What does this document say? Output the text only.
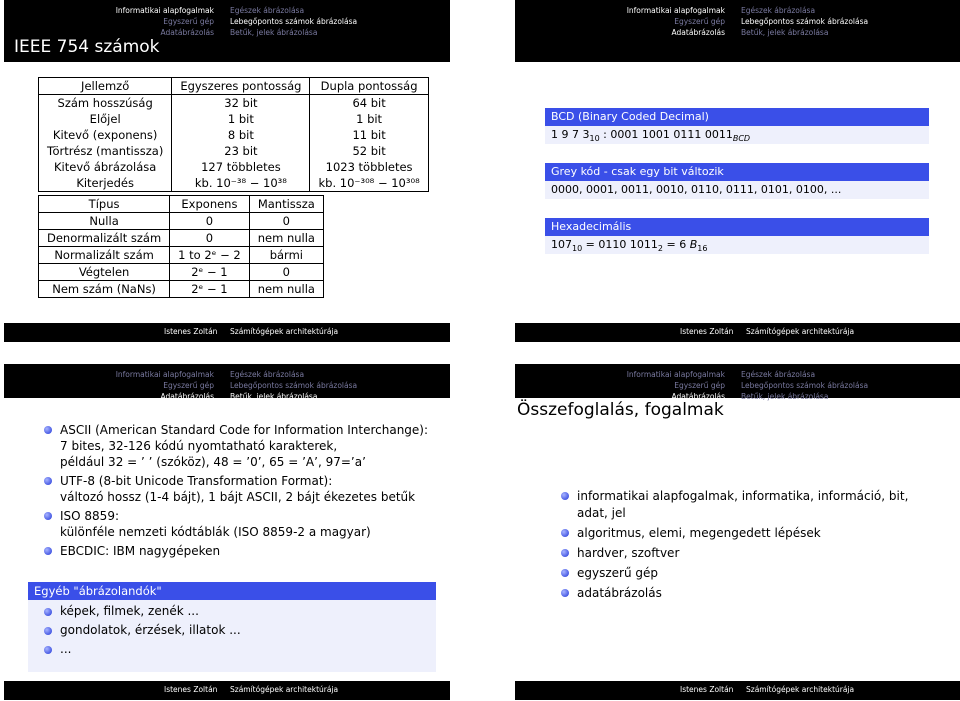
Informatikai alapfogalmak
Egyszerű gép
Adatábrázolás
Egészek ábrázolása
Lebegőpontos számok ábrázolása
Betűk, jelek ábrázolása
IEEE 754 számok
Jellemző	Egyszeres pontosság	Dupla pontosság
Szám hosszúság	32 bit	64 bit
Előjel	1 bit	1 bit
Kitevő (exponens)	8 bit	11 bit
Törtrész (mantissza)	23 bit	52 bit
Kitevő ábrázolása	127 többletes	1023 többletes
Kiterjedés	kb. 10⁻³⁸ − 10³⁸	kb. 10⁻³⁰⁸ − 10³⁰⁸
Típus	Exponens	Mantissza
Nulla	0	0
Denormalizált szám	0	nem nulla
Normalizált szám	1 to 2ᵉ − 2	bármi
Végtelen	2ᵉ − 1	0
Nem szám (NaNs)	2ᵉ − 1	nem nulla
Istenes Zoltán Számítógépek architektúrája
Informatikai alapfogalmak
Egyszerű gép
Adatábrázolás
Egészek ábrázolása
Lebegőpontos számok ábrázolása
Betűk, jelek ábrázolása
BCD, Grey, hexadecimális
BCD (Binary Coded Decimal)
1 9 7 $3_{10}$ : 0001 1001 0111 $0011_{BCD}$
Grey kód - csak egy bit változik
0000, 0001, 0011, 0010, 0110, 0111, 0101, 0100, ...
Hexadecimális
$107_{10} = 0110$ $1011_2 = 6$ $B_{16}$
Istenes Zoltán Számítógépek architektúrája
Informatikai alapfogalmak
Egyszerű gép
Adatábrázolás
Egészek ábrázolása
Lebegőpontos számok ábrázolása
Betűk, jelek ábrázolása
ASCII (American Standard Code for Information Interchange):
7 bites, 32-126 kódú nyomtatható karakterek,
például 32 = ’ ’ (szóköz), 48 = ’0’, 65 = ’A’, 97=’a’
UTF-8 (8-bit Unicode Transformation Format):
változó hossz (1-4 bájt), 1 bájt ASCII, 2 bájt ékezetes betűk
ISO 8859:
különféle nemzeti kódtáblák (ISO 8859-2 a magyar)
EBCDIC: IBM nagygépeken
Egyéb "ábrázolandók"
képek, filmek, zenék ...
gondolatok, érzések, illatok ...
...
Istenes Zoltán Számítógépek architektúrája
Informatikai alapfogalmak
Egyszerű gép
Adatábrázolás
Egészek ábrázolása
Lebegőpontos számok ábrázolása
Betűk, jelek ábrázolása
Összefoglalás, fogalmak
informatikai alapfogalmak, informatika, információ, bit,
adat, jel
algoritmus, elemi, megengedett lépések
hardver, szoftver
egyszerű gép
adatábrázolás
Istenes Zoltán Számítógépek architektúrája
